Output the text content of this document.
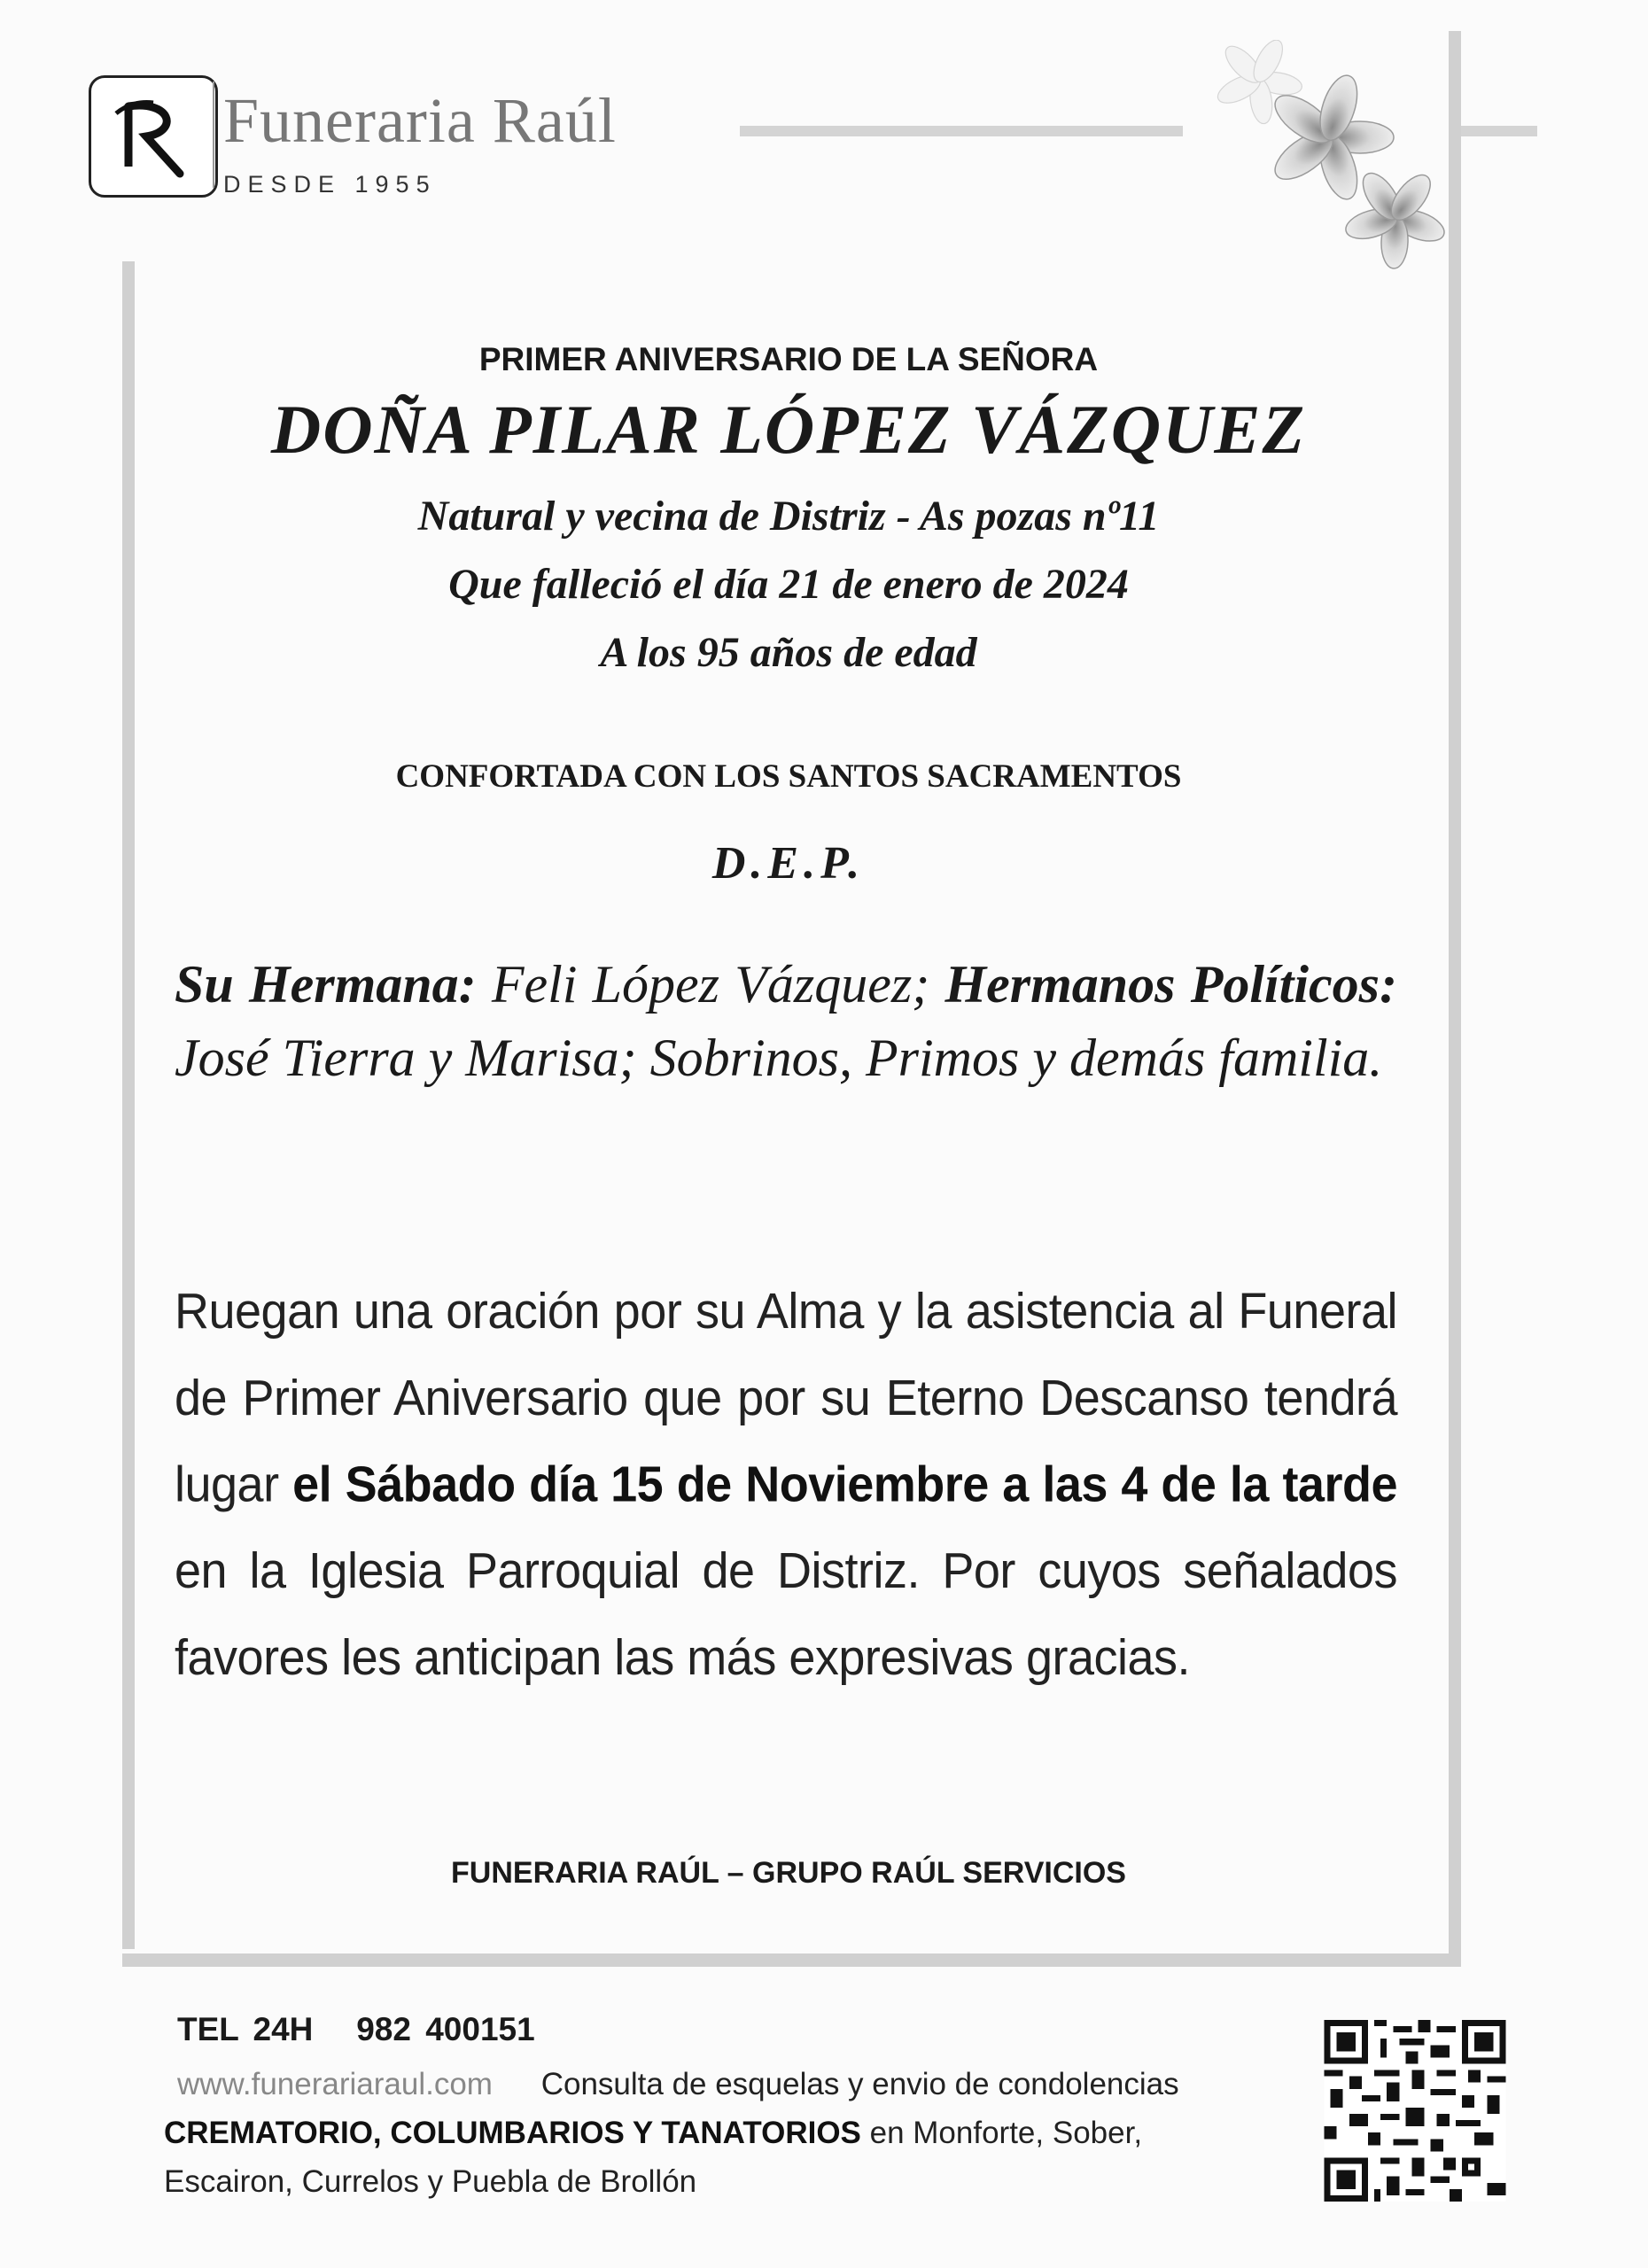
Funeraria Raúl
DESDE 1955
PRIMER ANIVERSARIO DE LA SEÑORA
DOÑA PILAR LÓPEZ VÁZQUEZ
Natural y vecina de Distriz - As pozas nº11
Que falleció el día 21 de enero de 2024
A los 95 años de edad
CONFORTADA CON LOS SANTOS SACRAMENTOS
D.E.P.
Su Hermana: Feli López Vázquez; Hermanos Políticos: José Tierra y Marisa; Sobrinos, Primos y demás familia.
Ruegan una oración por su Alma y la asistencia al Funeral de Primer Aniversario que por su Eterno Descanso tendrá lugar el Sábado día 15 de Noviembre a las 4 de la tarde en la Iglesia Parroquial de Distriz. Por cuyos señalados favores les anticipan las más expresivas gracias.
FUNERARIA RAÚL – GRUPO RAÚL SERVICIOS
TEL 24H 982 400151
www.funerariaraul.com Consulta de esquelas y envio de condolencias CREMATORIO, COLUMBARIOS Y TANATORIOS en Monforte, Sober, Escairon, Currelos y Puebla de Brollón
